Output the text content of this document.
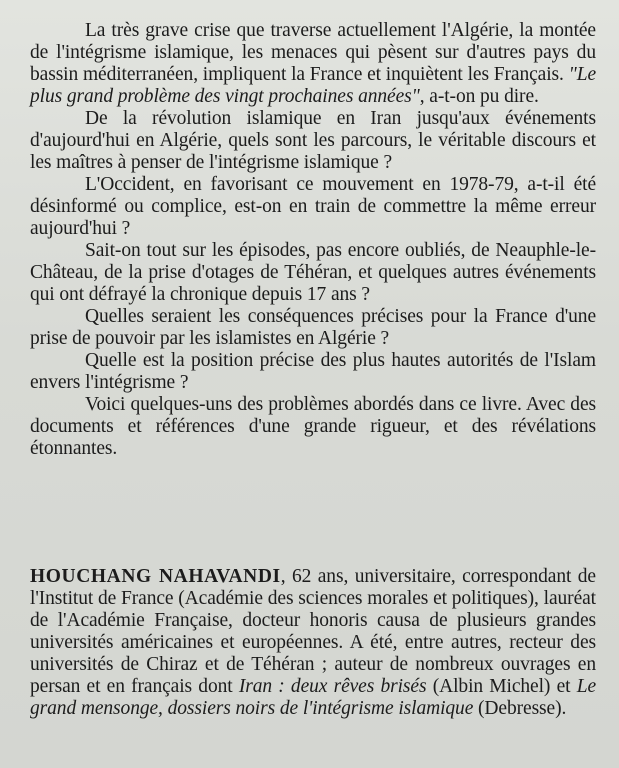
La très grave crise que traverse actuellement l'Algérie, la montée de l'intégrisme islamique, les menaces qui pèsent sur d'autres pays du bassin méditerranéen, impliquent la France et inquiètent les Français. "Le plus grand problème des vingt prochaines années", a-t-on pu dire.

De la révolution islamique en Iran jusqu'aux événements d'aujourd'hui en Algérie, quels sont les parcours, le véritable discours et les maîtres à penser de l'intégrisme islamique ?

L'Occident, en favorisant ce mouvement en 1978-79, a-t-il été désinformé ou complice, est-on en train de commettre la même erreur aujourd'hui ?

Sait-on tout sur les épisodes, pas encore oubliés, de Neauphle-le-Château, de la prise d'otages de Téhéran, et quelques autres événements qui ont défrayé la chronique depuis 17 ans ?

Quelles seraient les conséquences précises pour la France d'une prise de pouvoir par les islamistes en Algérie ?

Quelle est la position précise des plus hautes autorités de l'Islam envers l'intégrisme ?

Voici quelques-uns des problèmes abordés dans ce livre. Avec des documents et références d'une grande rigueur, et des révélations étonnantes.

HOUCHANG NAHAVANDI, 62 ans, universitaire, correspondant de l'Institut de France (Académie des sciences morales et politiques), lauréat de l'Académie Française, docteur honoris causa de plusieurs grandes universités américaines et européennes. A été, entre autres, recteur des universités de Chiraz et de Téhéran ; auteur de nombreux ouvrages en persan et en français dont Iran : deux rêves brisés (Albin Michel) et Le grand mensonge, dossiers noirs de l'intégrisme islamique (Debresse).
